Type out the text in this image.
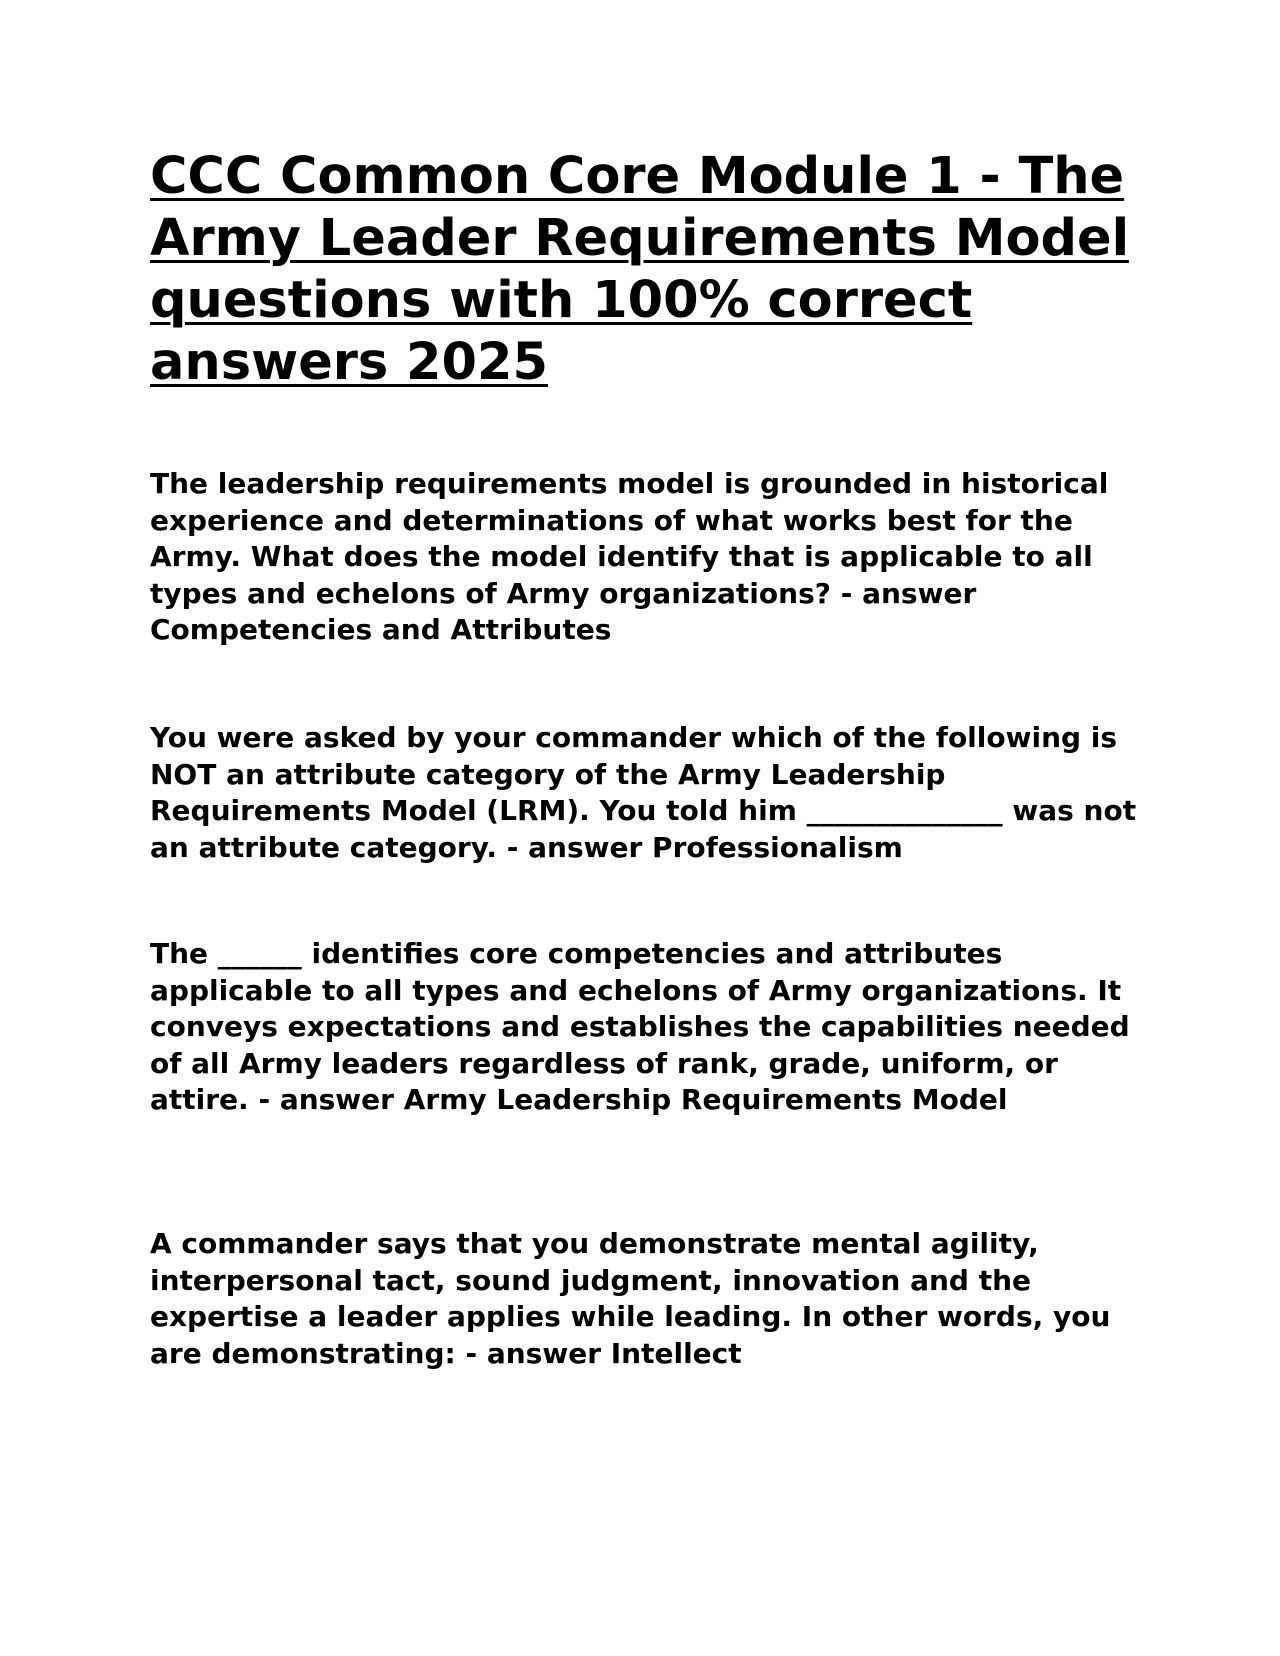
CCC Common Core Module 1 - The Army Leader Requirements Model questions with 100% correct answers 2025

The leadership requirements model is grounded in historical experience and determinations of what works best for the Army. What does the model identify that is applicable to all types and echelons of Army organizations? - answer Competencies and Attributes

You were asked by your commander which of the following is NOT an attribute category of the Army Leadership Requirements Model (LRM). You told him ______________ was not an attribute category. - answer Professionalism

The ______ identifies core competencies and attributes applicable to all types and echelons of Army organizations. It conveys expectations and establishes the capabilities needed of all Army leaders regardless of rank, grade, uniform, or attire. - answer Army Leadership Requirements Model

A commander says that you demonstrate mental agility, interpersonal tact, sound judgment, innovation and the expertise a leader applies while leading. In other words, you are demonstrating: - answer Intellect
